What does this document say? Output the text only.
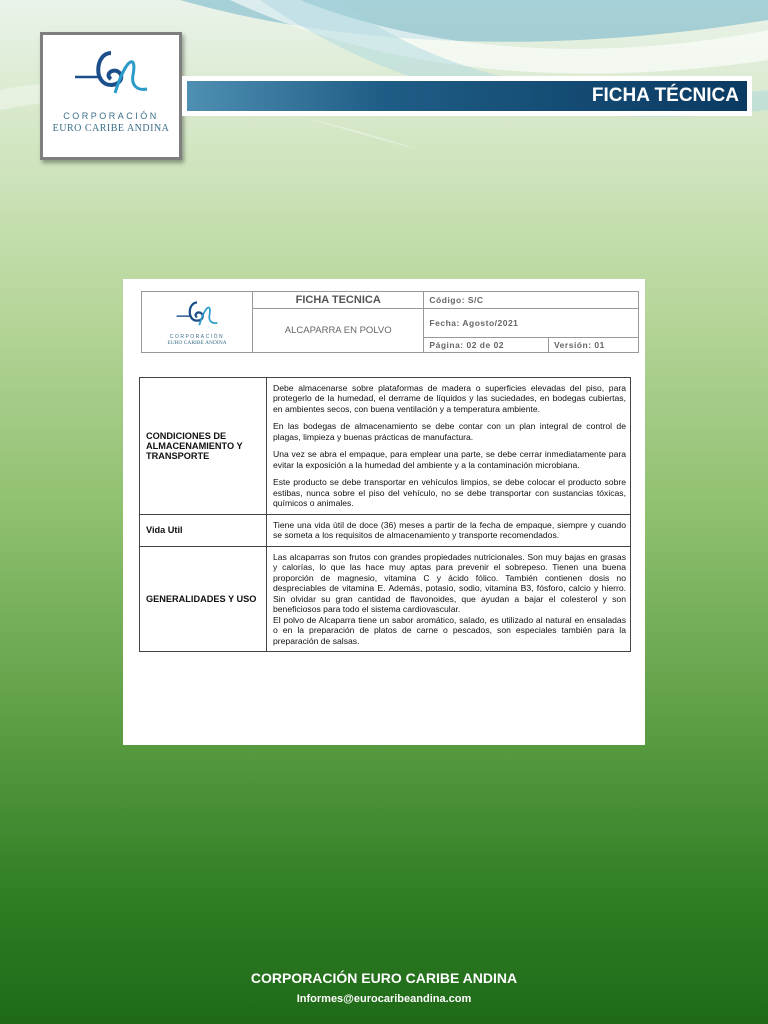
CORPORACIÓN
EURO CARIBE ANDINA
FICHA TÉCNICA
CORPORACIÓN
EURO CARIBE ANDINA	FICHA TECNICA	Código: S/C	
	ALCAPARRA EN POLVO	Fecha: Agosto/2021	
		Página: 02 de 02	Versión: 01
CONDICIONES DE ALMACENAMIENTO Y TRANSPORTE	Debe almacenarse sobre plataformas de madera o superficies elevadas del piso, para protegerlo de la humedad, el derrame de líquidos y las suciedades, en bodegas cubiertas, en ambientes secos, con buena ventilación y a temperatura ambiente.

En las bodegas de almacenamiento se debe contar con un plan integral de control de plagas, limpieza y buenas prácticas de manufactura.

Una vez se abra el empaque, para emplear una parte, se debe cerrar inmediatamente para evitar la exposición a la humedad del ambiente y a la contaminación microbiana.

Este producto se debe transportar en vehículos limpios, se debe colocar el producto sobre estibas, nunca sobre el piso del vehículo, no se debe transportar con sustancias tóxicas, químicos o animales.

Vida Util	Tiene una vida útil de doce (36) meses a partir de la fecha de empaque, siempre y cuando se someta a los requisitos de almacenamiento y transporte recomendados.
GENERALIDADES Y USO	Las alcaparras son frutos con grandes propiedades nutricionales. Son muy bajas en grasas y calorías, lo que las hace muy aptas para prevenir el sobrepeso. Tienen una buena proporción de magnesio, vitamina C y ácido fólico. También contienen dosis no despreciables de vitamina E. Además, potasio, sodio, vitamina B3, fósforo, calcio y hierro. Sin olvidar su gran cantidad de flavonoides, que ayudan a bajar el colesterol y son beneficiosos para todo el sistema cardiovascular.
El polvo de Alcaparra tiene un sabor aromático, salado, es utilizado al natural en ensaladas o en la preparación de platos de carne o pescados, son especiales también para la preparación de salsas.
CORPORACIÓN EURO CARIBE ANDINA
Informes@eurocaribeandina.com
